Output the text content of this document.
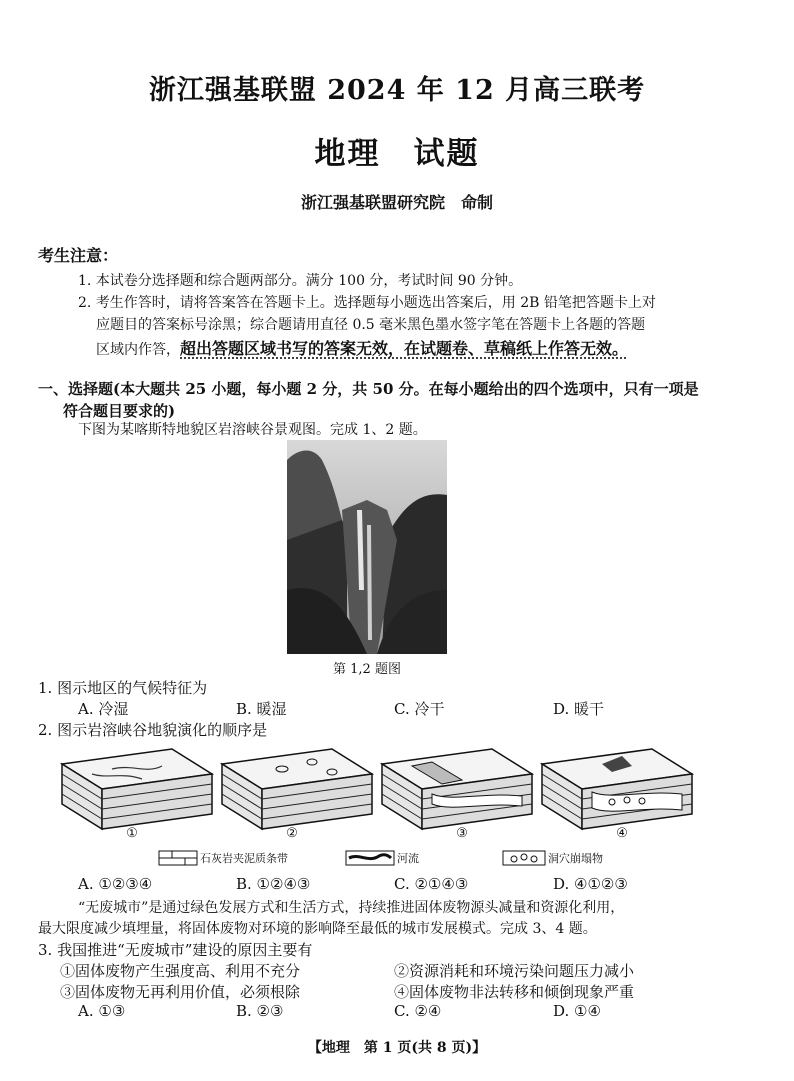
浙江强基联盟 2024 年 12 月高三联考
地理　试题
浙江强基联盟研究院　命制
考生注意：
1. 本试卷分选择题和综合题两部分。满分 100 分，考试时间 90 分钟。
2. 考生作答时，请将答案答在答题卡上。选择题每小题选出答案后，用 2B 铅笔把答题卡上对
应题目的答案标号涂黑；综合题请用直径 0.5 毫米黑色墨水签字笔在答题卡上各题的答题
区域内作答，超出答题区域书写的答案无效，在试题卷、草稿纸上作答无效。
一、选择题(本大题共 25 小题，每小题 2 分，共 50 分。在每小题给出的四个选项中，只有一项是
符合题目要求的)
下图为某喀斯特地貌区岩溶峡谷景观图。完成 1、2 题。
第 1,2 题图
1. 图示地区的气候特征为
A. 冷湿	B. 暖湿	C. 冷干	D. 暖干
2. 图示岩溶峡谷地貌演化的顺序是
①	②	③	④
石灰岩夹泥质条带	河流	洞穴崩塌物
A. ①②③④	B. ①②④③	C. ②①④③	D. ④①②③
“无废城市”是通过绿色发展方式和生活方式，持续推进固体废物源头减量和资源化利用，
最大限度减少填埋量，将固体废物对环境的影响降至最低的城市发展模式。完成 3、4 题。
3. 我国推进“无废城市”建设的原因主要有
①固体废物产生强度高、利用不充分	②资源消耗和环境污染问题压力减小
③固体废物无再利用价值，必须根除	④固体废物非法转移和倾倒现象严重
A. ①③	B. ②③	C. ②④	D. ①④
【地理　第 1 页(共 8 页)】
